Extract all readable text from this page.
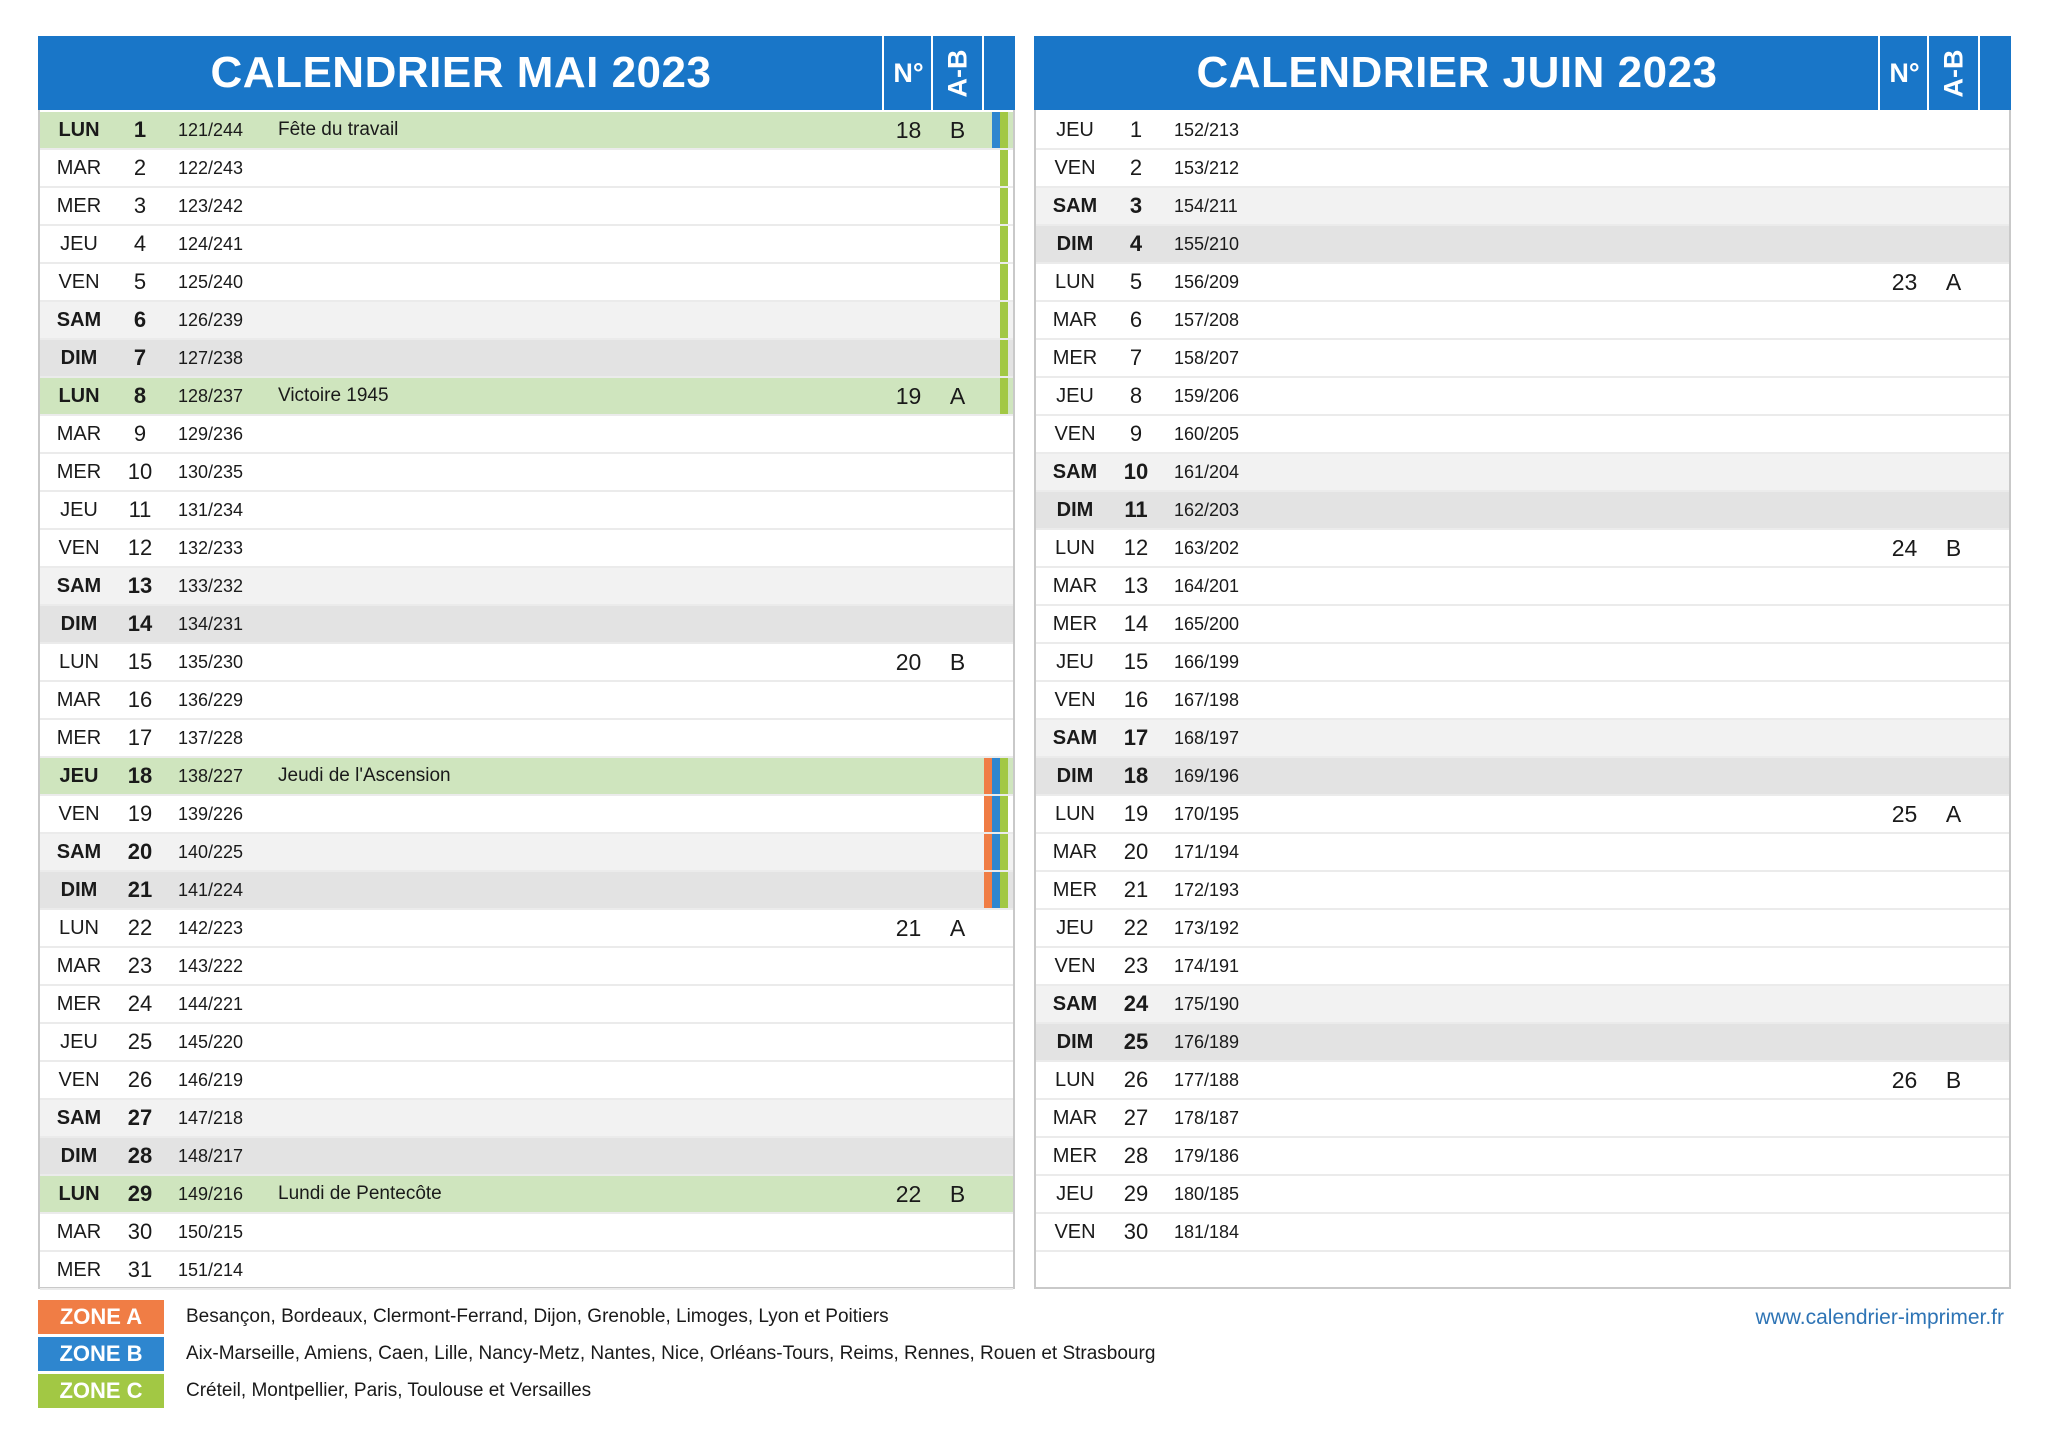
CALENDRIER MAI 2023	N° A-B
LUN	1	121/244 Fête du travail	18	B
MAR	2	122/243
MER	3	123/242
JEU	4	124/241
VEN	5	125/240
SAM	6	126/239
DIM	7	127/238
LUN	8	128/237 Victoire 1945	19	A
MAR	9	129/236
MER	10	130/235
JEU	11	131/234
VEN	12	132/233
SAM	13	133/232
DIM	14	134/231
LUN	15	135/230	20	B
MAR	16	136/229
MER	17	137/228
JEU	18	138/227 Jeudi de l'Ascension
VEN	19	139/226
SAM	20	140/225
DIM	21	141/224
LUN	22	142/223	21	A
MAR	23	143/222
MER	24	144/221
JEU	25	145/220
VEN	26	146/219
SAM	27	147/218
DIM	28	148/217
LUN	29	149/216 Lundi de Pentecôte	22	B
MAR	30	150/215
MER	31	151/214
CALENDRIER JUIN 2023	N° A-B
JEU	1	152/213
VEN	2	153/212
SAM	3	154/211
DIM	4	155/210
LUN	5	156/209	23	A
MAR	6	157/208
MER	7	158/207
JEU	8	159/206
VEN	9	160/205
SAM	10	161/204
DIM	11	162/203
LUN	12	163/202	24	B
MAR	13	164/201
MER	14	165/200
JEU	15	166/199
VEN	16	167/198
SAM	17	168/197
DIM	18	169/196
LUN	19	170/195	25	A
MAR	20	171/194
MER	21	172/193
JEU	22	173/192
VEN	23	174/191
SAM	24	175/190
DIM	25	176/189
LUN	26	177/188	26	B
MAR	27	178/187
MER	28	179/186
JEU	29	180/185
VEN	30	181/184
ZONE A	Besançon, Bordeaux, Clermont-Ferrand, Dijon, Grenoble, Limoges, Lyon et Poitiers
ZONE B	Aix-Marseille, Amiens, Caen, Lille, Nancy-Metz, Nantes, Nice, Orléans-Tours, Reims, Rennes, Rouen et Strasbourg
ZONE C	Créteil, Montpellier, Paris, Toulouse et Versailles
www.calendrier-imprimer.fr
